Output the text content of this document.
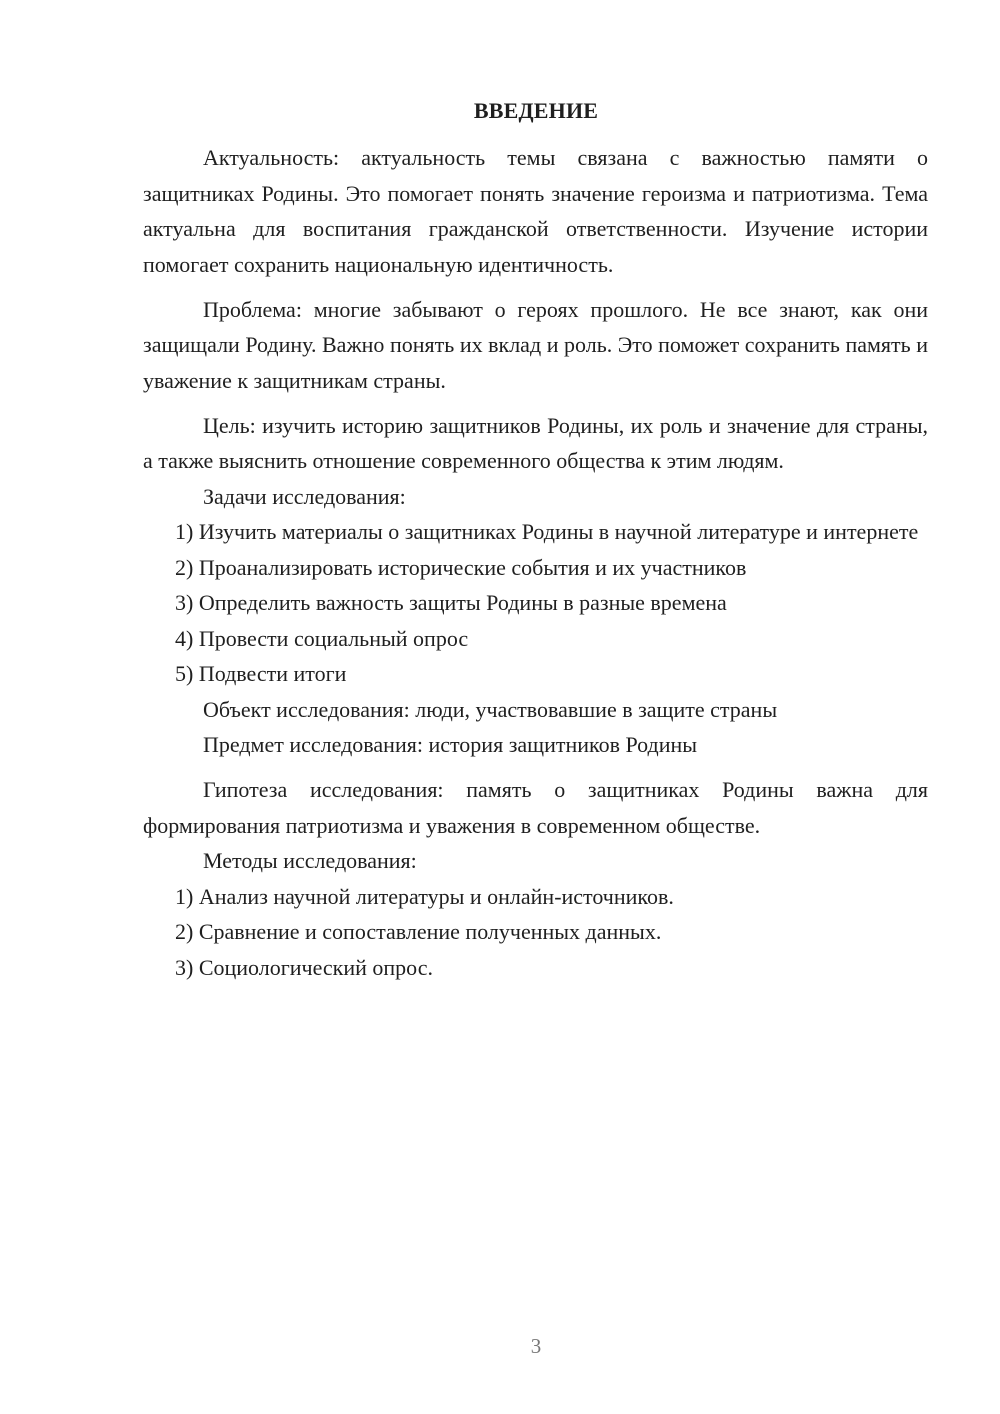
ВВЕДЕНИЕ

Актуальность: актуальность темы связана с важностью памяти о защитниках Родины. Это помогает понять значение героизма и патриотизма. Тема актуальна для воспитания гражданской ответственности. Изучение истории помогает сохранить национальную идентичность.

Проблема: многие забывают о героях прошлого. Не все знают, как они защищали Родину. Важно понять их вклад и роль. Это поможет сохранить память и уважение к защитникам страны.

Цель: изучить историю защитников Родины, их роль и значение для страны, а также выяснить отношение современного общества к этим людям.

Задачи исследования:

1) Изучить материалы о защитниках Родины в научной литературе и интернете

2) Проанализировать исторические события и их участников

3) Определить важность защиты Родины в разные времена

4) Провести социальный опрос

5) Подвести итоги

Объект исследования: люди, участвовавшие в защите страны

Предмет исследования: история защитников Родины

Гипотеза исследования: память о защитниках Родины важна для формирования патриотизма и уважения в современном обществе.

Методы исследования:

1) Анализ научной литературы и онлайн-источников.

2) Сравнение и сопоставление полученных данных.

3) Социологический опрос.

3
